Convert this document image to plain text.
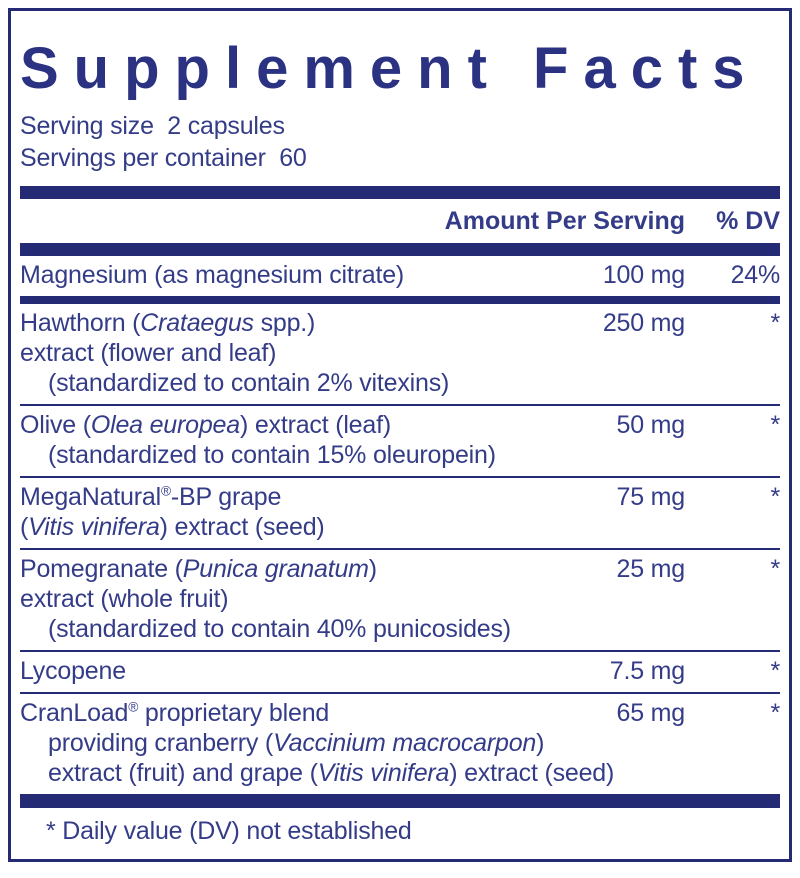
Supplement Facts
Serving size  2 capsules
Servings per container  60
Amount Per Serving	% DV
Magnesium (as magnesium citrate)	100 mg	24%
Hawthorn (Crataegus spp.)	250 mg	*
extract (flower and leaf)
(standardized to contain 2% vitexins)
Olive (Olea europea) extract (leaf)	50 mg	*
(standardized to contain 15% oleuropein)
MegaNatural®-BP grape	75 mg	*
(Vitis vinifera) extract (seed)
Pomegranate (Punica granatum)	25 mg	*
extract (whole fruit)
(standardized to contain 40% punicosides)
Lycopene	7.5 mg	*
CranLoad® proprietary blend	65 mg	*
providing cranberry (Vaccinium macrocarpon)
extract (fruit) and grape (Vitis vinifera) extract (seed)
* Daily value (DV) not established
